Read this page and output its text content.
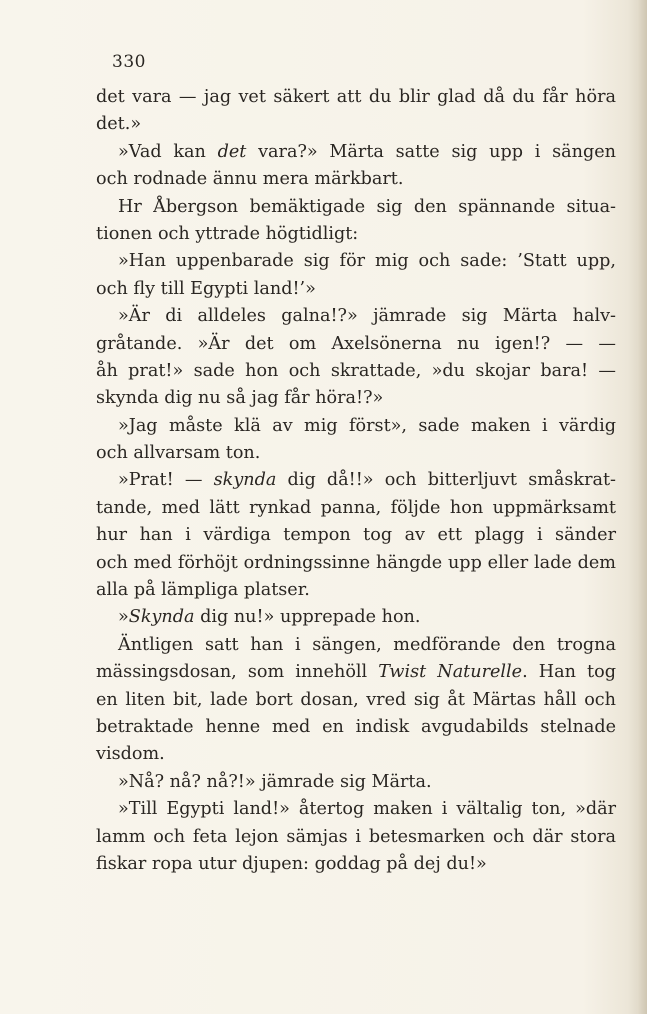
330
det vara — jag vet säkert att du blir glad då du får höra
det.»
»Vad kan det vara?» Märta satte sig upp i sängen
och rodnade ännu mera märkbart.
Hr Åbergson bemäktigade sig den spännande situa-
tionen och yttrade högtidligt:
»Han uppenbarade sig för mig och sade: ’Statt upp,
och fly till Egypti land!’»
»Är di alldeles galna!?» jämrade sig Märta halv-
gråtande. »Är det om Axelsönerna nu igen!? — —
åh prat!» sade hon och skrattade, »du skojar bara! —
skynda dig nu så jag får höra!?»
»Jag måste klä av mig först», sade maken i värdig
och allvarsam ton.
»Prat! — skynda dig då!!» och bitterljuvt småskrat-
tande, med lätt rynkad panna, följde hon uppmärksamt
hur han i värdiga tempon tog av ett plagg i sänder
och med förhöjt ordningssinne hängde upp eller lade dem
alla på lämpliga platser.
»Skynda dig nu!» upprepade hon.
Äntligen satt han i sängen, medförande den trogna
mässingsdosan, som innehöll Twist Naturelle. Han tog
en liten bit, lade bort dosan, vred sig åt Märtas håll och
betraktade henne med en indisk avgudabilds stelnade
visdom.
»Nå? nå? nå?!» jämrade sig Märta.
»Till Egypti land!» återtog maken i vältalig ton, »där
lamm och feta lejon sämjas i betesmarken och där stora
fiskar ropa utur djupen: goddag på dej du!»
